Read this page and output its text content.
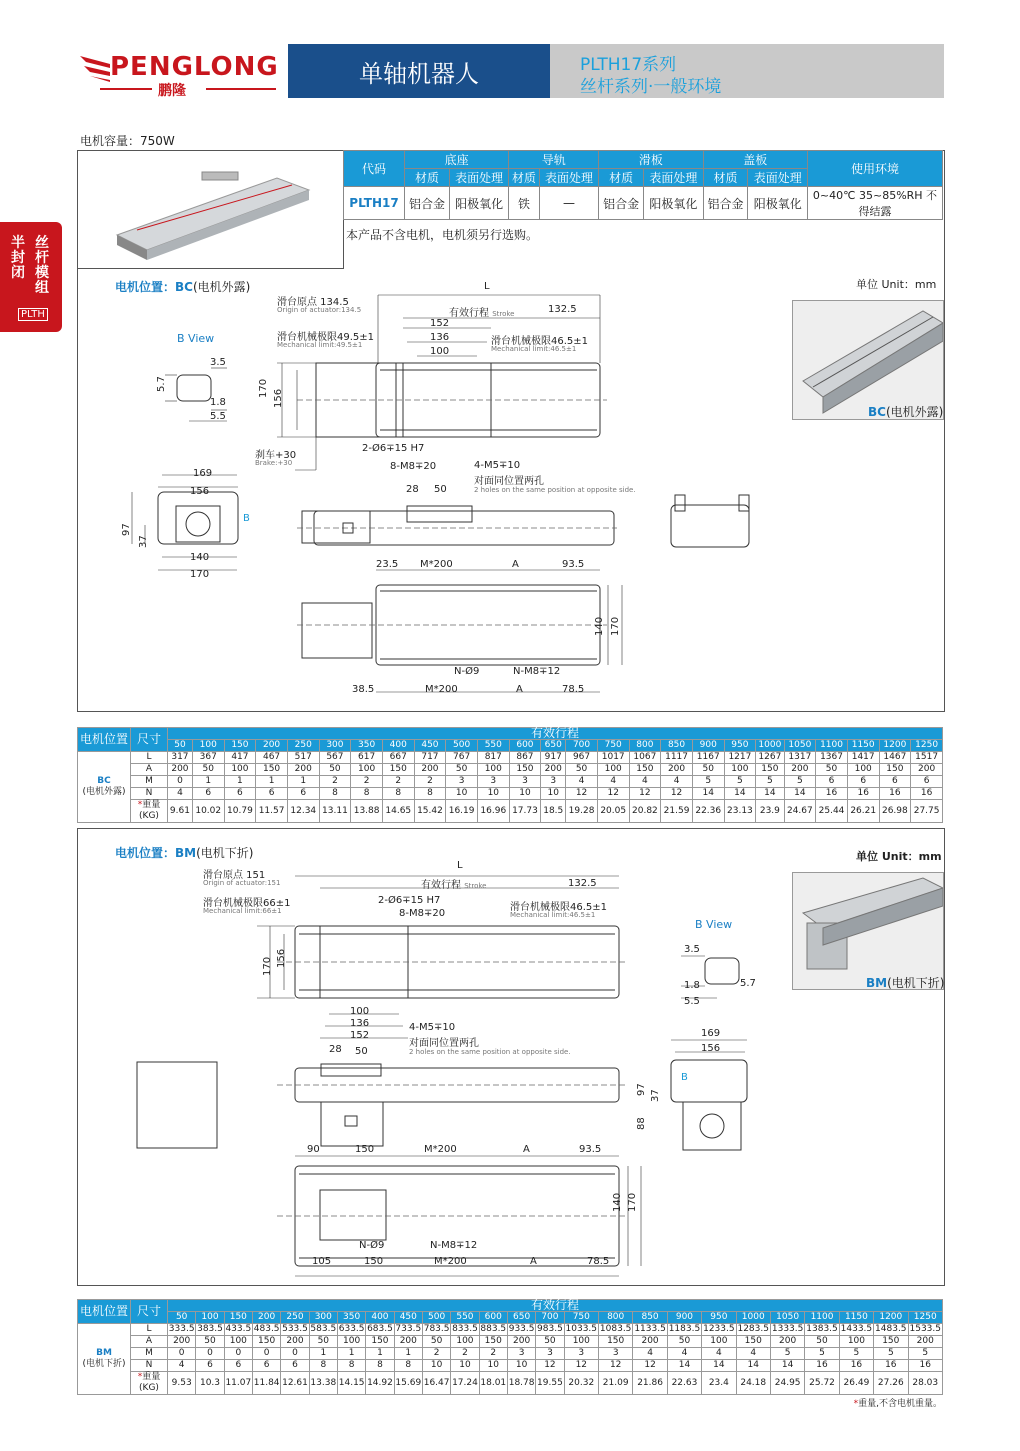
PENGLONG
鹏隆
单轴机器人	PLTH17系列
丝杆系列·一般环境
半封闭
丝杆模组
PLTH
电机容量：750W
代码	底座		导轨		滑板		盖板		使用环境
	材质	表面处理	材质	表面处理	材质	表面处理	材质	表面处理	
PLTH17	铝合金	阳极氧化	铁	—	铝合金	阳极氧化	铝合金	阳极氧化	0~40℃ 35~85%RH 不得结露
本产品不含电机，电机须另行选购。
电机位置：BC(电机外露)	单位 Unit：mm
B View
BC(电机外露)
滑台原点 134.5
Origin of actuator:134.5
滑台机械极限49.5±1
Mechanical limit:49.5±1	滑台机械极限46.5±1
Mechanical limit:46.5±1
L
有效行程 Stroke	132.5
152
136
100
170
156
刹车+30
Brake:+30
2-Ø6∓15 H7
8-M8∓20	4-M5∓10
对面同位置两孔
2 holes on the same position at opposite side.
3.5
5.7
1.8
5.5
169
156
97
37
B
140
170
28 50
23.5 M*200	A	93.5
140 170
N-Ø9	N-M8∓12
38.5	M*200	A	78.5
电机位置	尺寸	有效行程																								
		50	100	150	200	250	300	350	400	450	500	550	600	650	700	750	800	850	900	950	1000	1050	1100	1150	1200	1250

BC
(电机外露)	L	317	367	417	467	517	567	617	667	717	767	817	867	917	967	1017	1067	1117	1167	1217	1267	1317	1367	1417	1467	1517
	A	200	50	100	150	200	50	100	150	200	50	100	150	200	50	100	150	200	50	100	150	200	50	100	150	200
	M	0	1	1	1	1	2	2	2	2	3	3	3	3	4	4	4	4	5	5	5	5	6	6	6	6
	N	4	6	6	6	6	8	8	8	8	10	10	10	10	12	12	12	12	14	14	14	14	16	16	16	16
	*重量(KG)	9.61	10.02	10.79	11.57	12.34	13.11	13.88	14.65	15.42	16.19	16.96	17.73	18.5	19.28	20.05	20.82	21.59	22.36	23.13	23.9	24.67	25.44	26.21	26.98	27.75
电机位置：BM(电机下折)	单位 Unit：mm
B View
BM(电机下折)
滑台原点 151
Origin of actuator:151
滑台机械极限66±1
Mechanical limit:66±1	滑台机械极限46.5±1
Mechanical limit:46.5±1
L
有效行程 Stroke	132.5
2-Ø6∓15 H7
8-M8∓20
170 156
100
136
152
4-M5∓10
对面同位置两孔
2 holes on the same position at opposite side.
28 50
3.5
5.7
1.8
5.5
169
156
97 37
88
B
90	150	M*200	A	93.5
140 170
N-Ø9	N-M8∓12
105	150	M*200	A	78.5
电机位置	尺寸	有效行程																								
		50	100	150	200	250	300	350	400	450	500	550	600	650	700	750	800	850	900	950	1000	1050	1100	1150	1200	1250

BM
(电机下折)	L	333.5	383.5	433.5	483.5	533.5	583.5	633.5	683.5	733.5	783.5	833.5	883.5	933.5	983.5	1033.5	1083.5	1133.5	1183.5	1233.5	1283.5	1333.5	1383.5	1433.5	1483.5	1533.5
	A	200	50	100	150	200	50	100	150	200	50	100	150	200	50	100	150	200	50	100	150	200	50	100	150	200
	M	0	0	0	0	0	1	1	1	1	2	2	2	3	3	3	3	4	4	4	4	5	5	5	5	5
	N	4	6	6	6	6	8	8	8	8	10	10	10	10	12	12	12	12	14	14	14	14	16	16	16	16
	*重量(KG)	9.53	10.3	11.07	11.84	12.61	13.38	14.15	14.92	15.69	16.47	17.24	18.01	18.78	19.55	20.32	21.09	21.86	22.63	23.4	24.18	24.95	25.72	26.49	27.26	28.03
*重量,不含电机重量。
